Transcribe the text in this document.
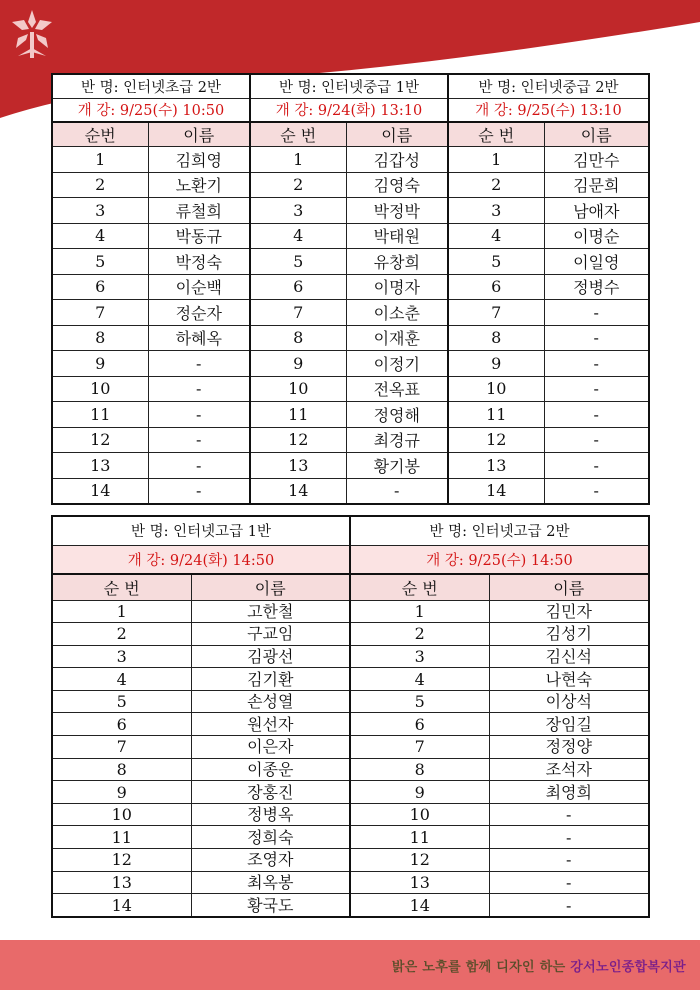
반 명: 인터넷초급 2반		반 명: 인터넷중급 1반		반 명: 인터넷중급 2반	
개 강: 9/25(수) 10:50		개 강: 9/24(화) 13:10		개 강: 9/25(수) 13:10	
순번	이름	순 번	이름	순 번	이름
1	김희영	1	김갑성	1	김만수
2	노환기	2	김영숙	2	김문희
3	류철희	3	박정박	3	남애자
4	박동규	4	박태원	4	이명순
5	박정숙	5	유창희	5	이일영
6	이순백	6	이명자	6	정병수
7	정순자	7	이소춘	7	-
8	하혜옥	8	이재훈	8	-
9	-	9	이정기	9	-
10	-	10	전옥표	10	-
11	-	11	정영해	11	-
12	-	12	최경규	12	-
13	-	13	황기봉	13	-
14	-	14	-	14	-
반 명: 인터넷고급 1반		반 명: 인터넷고급 2반	
개 강: 9/24(화) 14:50		개 강: 9/25(수) 14:50	
순 번	이름	순 번	이름
1	고한철	1	김민자
2	구교임	2	김성기
3	김광선	3	김신석
4	김기환	4	나현숙
5	손성열	5	이상석
6	원선자	6	장임길
7	이은자	7	정정양
8	이종운	8	조석자
9	장홍진	9	최영희
10	정병옥	10	-
11	정희숙	11	-
12	조영자	12	-
13	최옥봉	13	-
14	황국도	14	-
밝은 노후를 함께 디자인 하는 강서노인종합복지관
